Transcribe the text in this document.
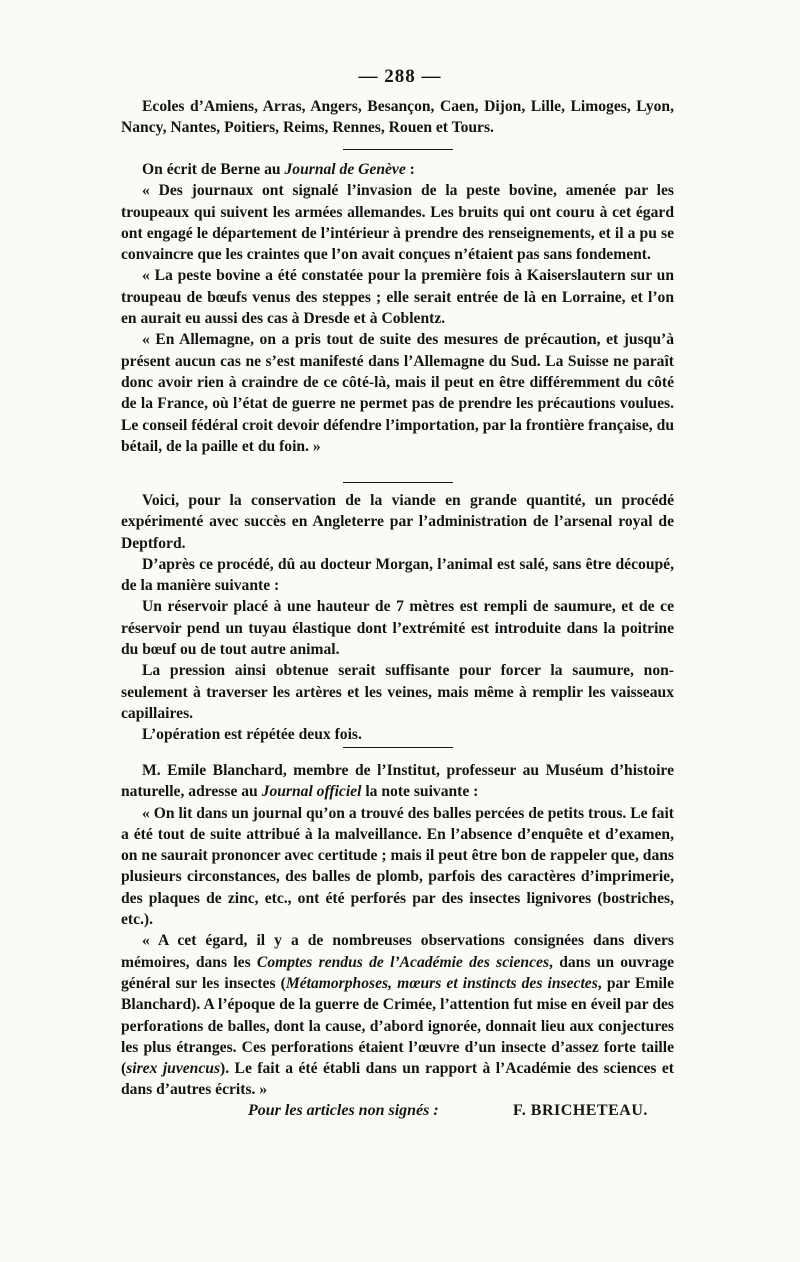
— 288 —

Ecoles d’Amiens, Arras, Angers, Besançon, Caen, Dijon, Lille, Limoges, Lyon, Nancy, Nantes, Poitiers, Reims, Rennes, Rouen et Tours.

On écrit de Berne au Journal de Genève :

« Des journaux ont signalé l’invasion de la peste bovine, amenée par les troupeaux qui suivent les armées allemandes. Les bruits qui ont couru à cet égard ont engagé le département de l’intérieur à prendre des renseignements, et il a pu se convaincre que les craintes que l’on avait conçues n’étaient pas sans fondement.

« La peste bovine a été constatée pour la première fois à Kaiserslautern sur un troupeau de bœufs venus des steppes ; elle serait entrée de là en Lorraine, et l’on en aurait eu aussi des cas à Dresde et à Coblentz.

« En Allemagne, on a pris tout de suite des mesures de précaution, et jusqu’à présent aucun cas ne s’est manifesté dans l’Allemagne du Sud. La Suisse ne paraît donc avoir rien à craindre de ce côté-là, mais il peut en être différemment du côté de la France, où l’état de guerre ne permet pas de prendre les précautions voulues. Le conseil fédéral croit devoir défendre l’importation, par la frontière française, du bétail, de la paille et du foin. »

Voici, pour la conservation de la viande en grande quantité, un procédé expérimenté avec succès en Angleterre par l’administration de l’arsenal royal de Deptford.

D’après ce procédé, dû au docteur Morgan, l’animal est salé, sans être découpé, de la manière suivante :

Un réservoir placé à une hauteur de 7 mètres est rempli de saumure, et de ce réservoir pend un tuyau élastique dont l’extrémité est introduite dans la poitrine du bœuf ou de tout autre animal.

La pression ainsi obtenue serait suffisante pour forcer la saumure, non-seulement à traverser les artères et les veines, mais même à remplir les vaisseaux capillaires.

L’opération est répétée deux fois.

M. Emile Blanchard, membre de l’Institut, professeur au Muséum d’histoire naturelle, adresse au Journal officiel la note suivante :

« On lit dans un journal qu’on a trouvé des balles percées de petits trous. Le fait a été tout de suite attribué à la malveillance. En l’absence d’enquête et d’examen, on ne saurait prononcer avec certitude ; mais il peut être bon de rappeler que, dans plusieurs circonstances, des balles de plomb, parfois des caractères d’imprimerie, des plaques de zinc, etc., ont été perforés par des insectes lignivores (bostriches, etc.).

« A cet égard, il y a de nombreuses observations consignées dans divers mémoires, dans les Comptes rendus de l’Académie des sciences, dans un ouvrage général sur les insectes (Métamorphoses, mœurs et instincts des insectes, par Emile Blanchard). A l’époque de la guerre de Crimée, l’attention fut mise en éveil par des perforations de balles, dont la cause, d’abord ignorée, donnait lieu aux conjectures les plus étranges. Ces perforations étaient l’œuvre d’un insecte d’assez forte taille (sirex juvencus). Le fait a été établi dans un rapport à l’Académie des sciences et dans d’autres écrits. »

Pour les articles non signés :	F. BRICHETEAU.
